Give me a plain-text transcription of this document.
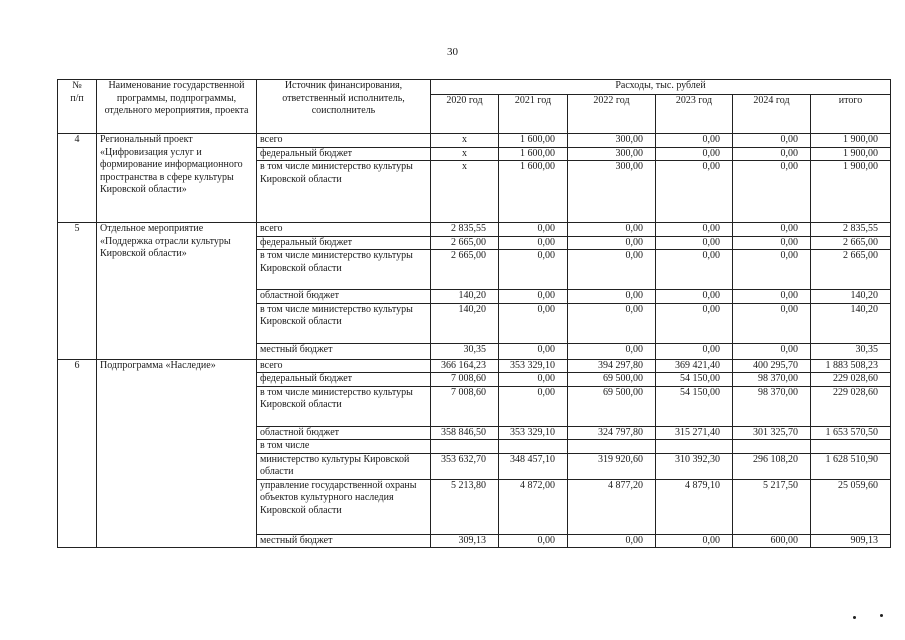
30
№
п/п	Наименование государственной программы, подпрограммы, отдельного мероприятия, проекта	Источник финансирования, ответственный исполнитель, соисполнитель	Расходы, тыс. рублей					
			2020 год	2021 год	2022 год	2023 год	2024 год	итого
4	Региональный проект «Цифровизация услуг и формирование информационного пространства в сфере культуры Кировской области»	всего	х	1 600,00	300,00	0,00	0,00	1 900,00
		федеральный бюджет	х	1 600,00	300,00	0,00	0,00	1 900,00
		в том числе министерство культуры Кировской области	х	1 600,00	300,00	0,00	0,00	1 900,00
5	Отдельное мероприятие «Поддержка отрасли культуры Кировской области»	всего	2 835,55	0,00	0,00	0,00	0,00	2 835,55
		федеральный бюджет	2 665,00	0,00	0,00	0,00	0,00	2 665,00
		в том числе министерство культуры Кировской области	2 665,00	0,00	0,00	0,00	0,00	2 665,00
		областной бюджет	140,20	0,00	0,00	0,00	0,00	140,20
		в том числе министерство культуры Кировской области	140,20	0,00	0,00	0,00	0,00	140,20
		местный бюджет	30,35	0,00	0,00	0,00	0,00	30,35
6	Подпрограмма «Наследие»	всего	366 164,23	353 329,10	394 297,80	369 421,40	400 295,70	1 883 508,23
		федеральный бюджет	7 008,60	0,00	69 500,00	54 150,00	98 370,00	229 028,60
		в том числе министерство культуры Кировской области	7 008,60	0,00	69 500,00	54 150,00	98 370,00	229 028,60
		областной бюджет	358 846,50	353 329,10	324 797,80	315 271,40	301 325,70	1 653 570,50
		в том числе						
		министерство культуры Кировской области	353 632,70	348 457,10	319 920,60	310 392,30	296 108,20	1 628 510,90
		управление государственной охраны объектов культурного наследия Кировской области	5 213,80	4 872,00	4 877,20	4 879,10	5 217,50	25 059,60
		местный бюджет	309,13	0,00	0,00	0,00	600,00	909,13
